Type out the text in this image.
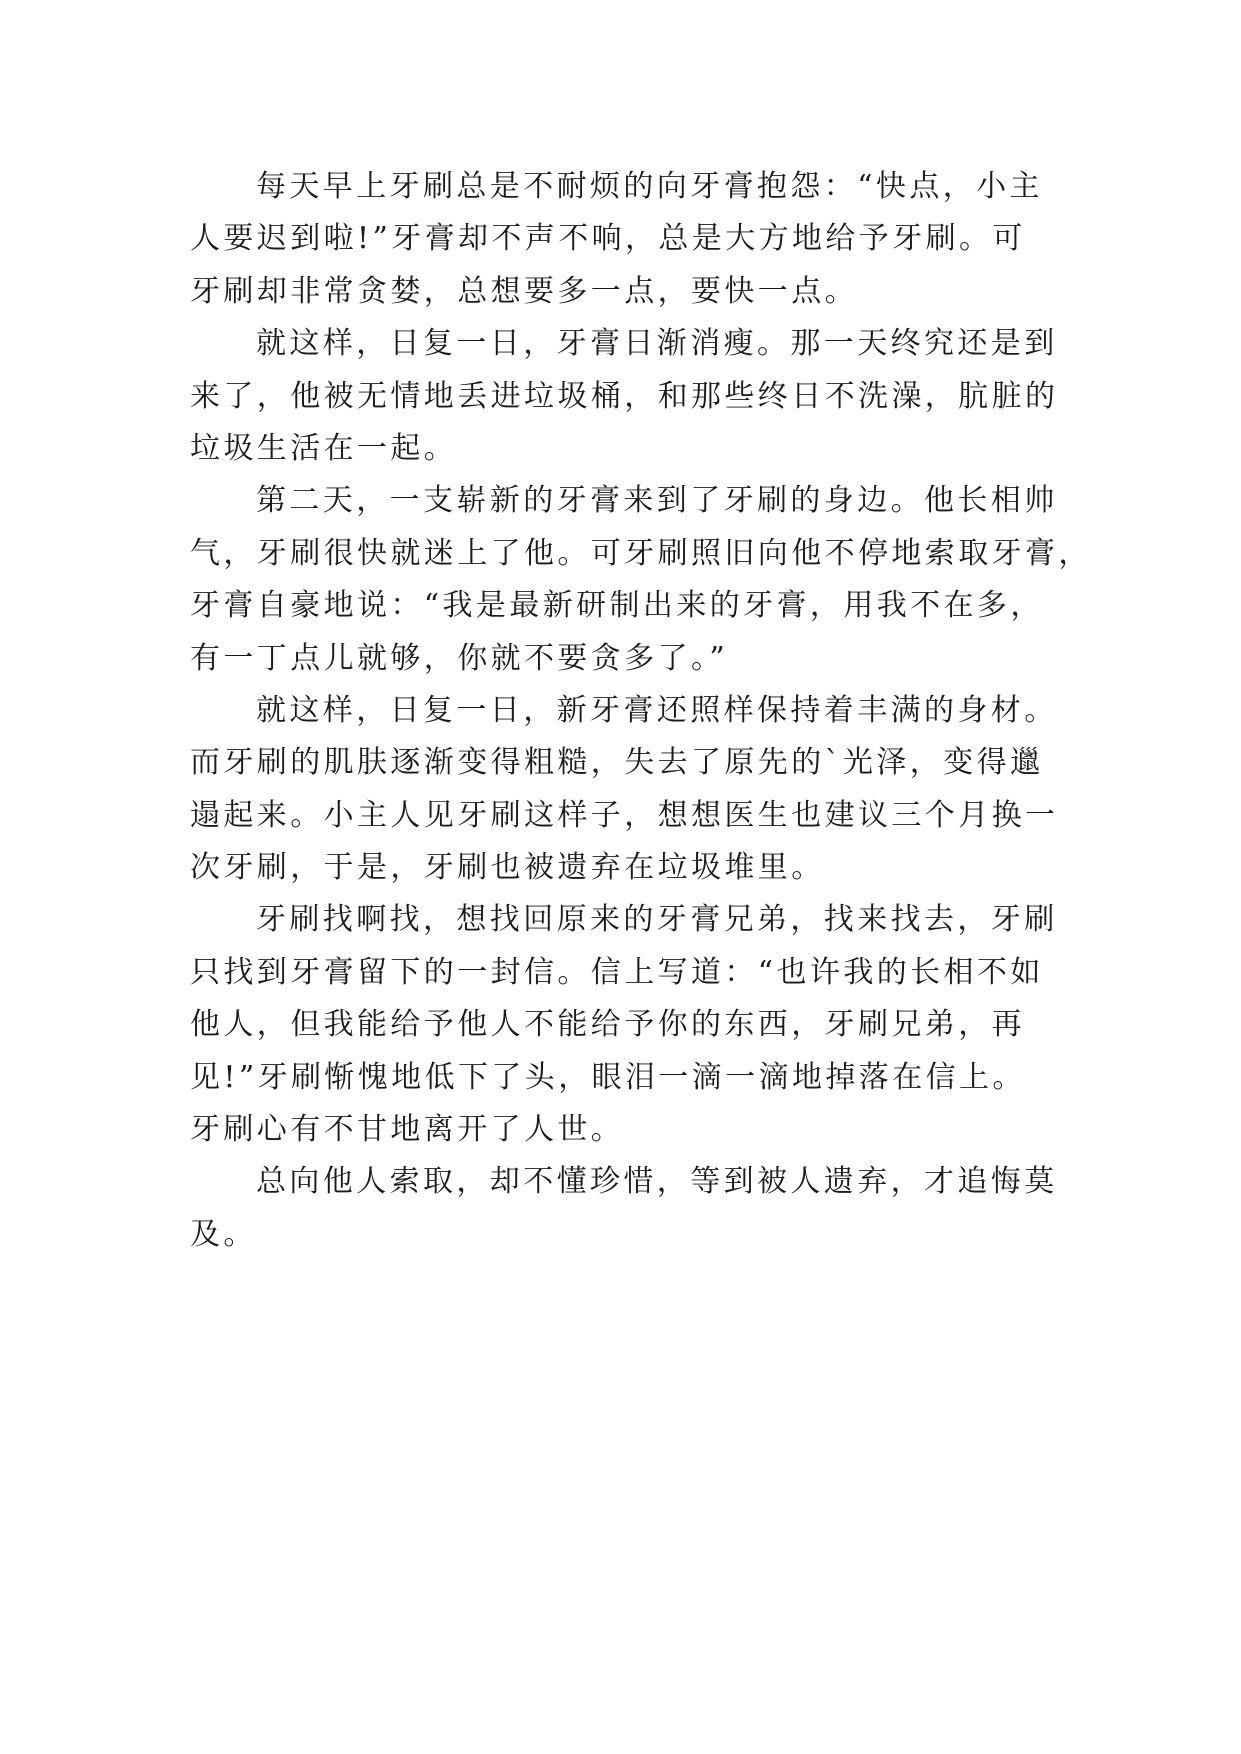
每天早上牙刷总是不耐烦的向牙膏抱怨：“快点，小主
人要迟到啦!”牙膏却不声不响，总是大方地给予牙刷。可
牙刷却非常贪婪，总想要多一点，要快一点。
就这样，日复一日，牙膏日渐消瘦。那一天终究还是到
来了，他被无情地丢进垃圾桶，和那些终日不洗澡，肮脏的
垃圾生活在一起。
第二天，一支崭新的牙膏来到了牙刷的身边。他长相帅
气，牙刷很快就迷上了他。可牙刷照旧向他不停地索取牙膏，
牙膏自豪地说：“我是最新研制出来的牙膏，用我不在多，
有一丁点儿就够，你就不要贪多了。”
就这样，日复一日，新牙膏还照样保持着丰满的身材。
而牙刷的肌肤逐渐变得粗糙，失去了原先的`光泽，变得邋
遢起来。小主人见牙刷这样子，想想医生也建议三个月换一
次牙刷，于是，牙刷也被遗弃在垃圾堆里。
牙刷找啊找，想找回原来的牙膏兄弟，找来找去，牙刷
只找到牙膏留下的一封信。信上写道：“也许我的长相不如
他人，但我能给予他人不能给予你的东西，牙刷兄弟，再
见!”牙刷惭愧地低下了头，眼泪一滴一滴地掉落在信上。
牙刷心有不甘地离开了人世。
总向他人索取，却不懂珍惜，等到被人遗弃，才追悔莫
及。
